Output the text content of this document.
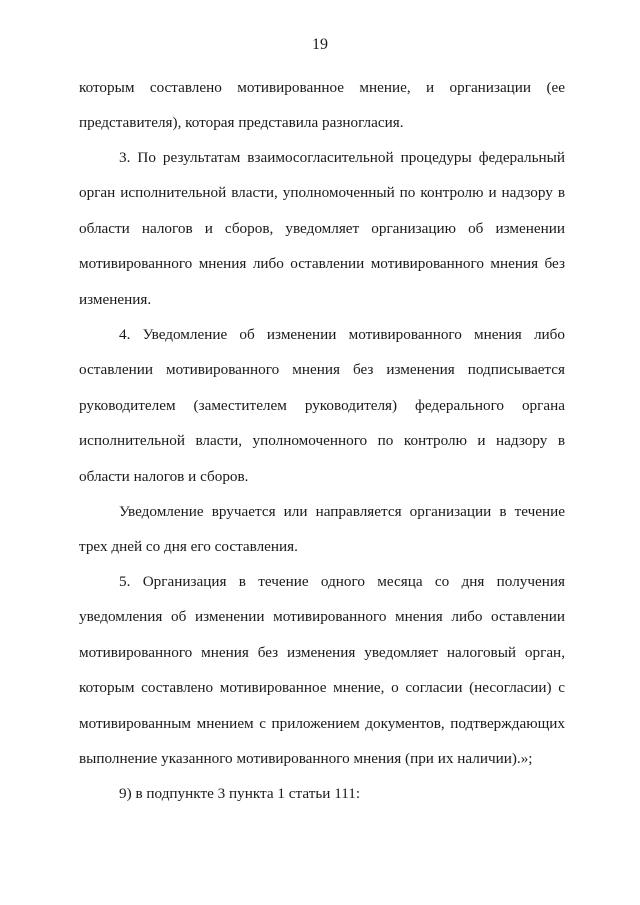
19
которым составлено мотивированное мнение, и организации (ее
представителя), которая представила разногласия.
3. По результатам взаимосогласительной процедуры федеральный
орган исполнительной власти, уполномоченный по контролю и надзору в
области налогов и сборов, уведомляет организацию об изменении
мотивированного мнения либо оставлении мотивированного мнения без
изменения.
4. Уведомление об изменении мотивированного мнения либо
оставлении мотивированного мнения без изменения подписывается
руководителем (заместителем руководителя) федерального органа
исполнительной власти, уполномоченного по контролю и надзору в
области налогов и сборов.
Уведомление вручается или направляется организации в течение
трех дней со дня его составления.
5. Организация в течение одного месяца со дня получения
уведомления об изменении мотивированного мнения либо оставлении
мотивированного мнения без изменения уведомляет налоговый орган,
которым составлено мотивированное мнение, о согласии (несогласии) с
мотивированным мнением с приложением документов, подтверждающих
выполнение указанного мотивированного мнения (при их наличии).»;
9) в подпункте 3 пункта 1 статьи 111:
